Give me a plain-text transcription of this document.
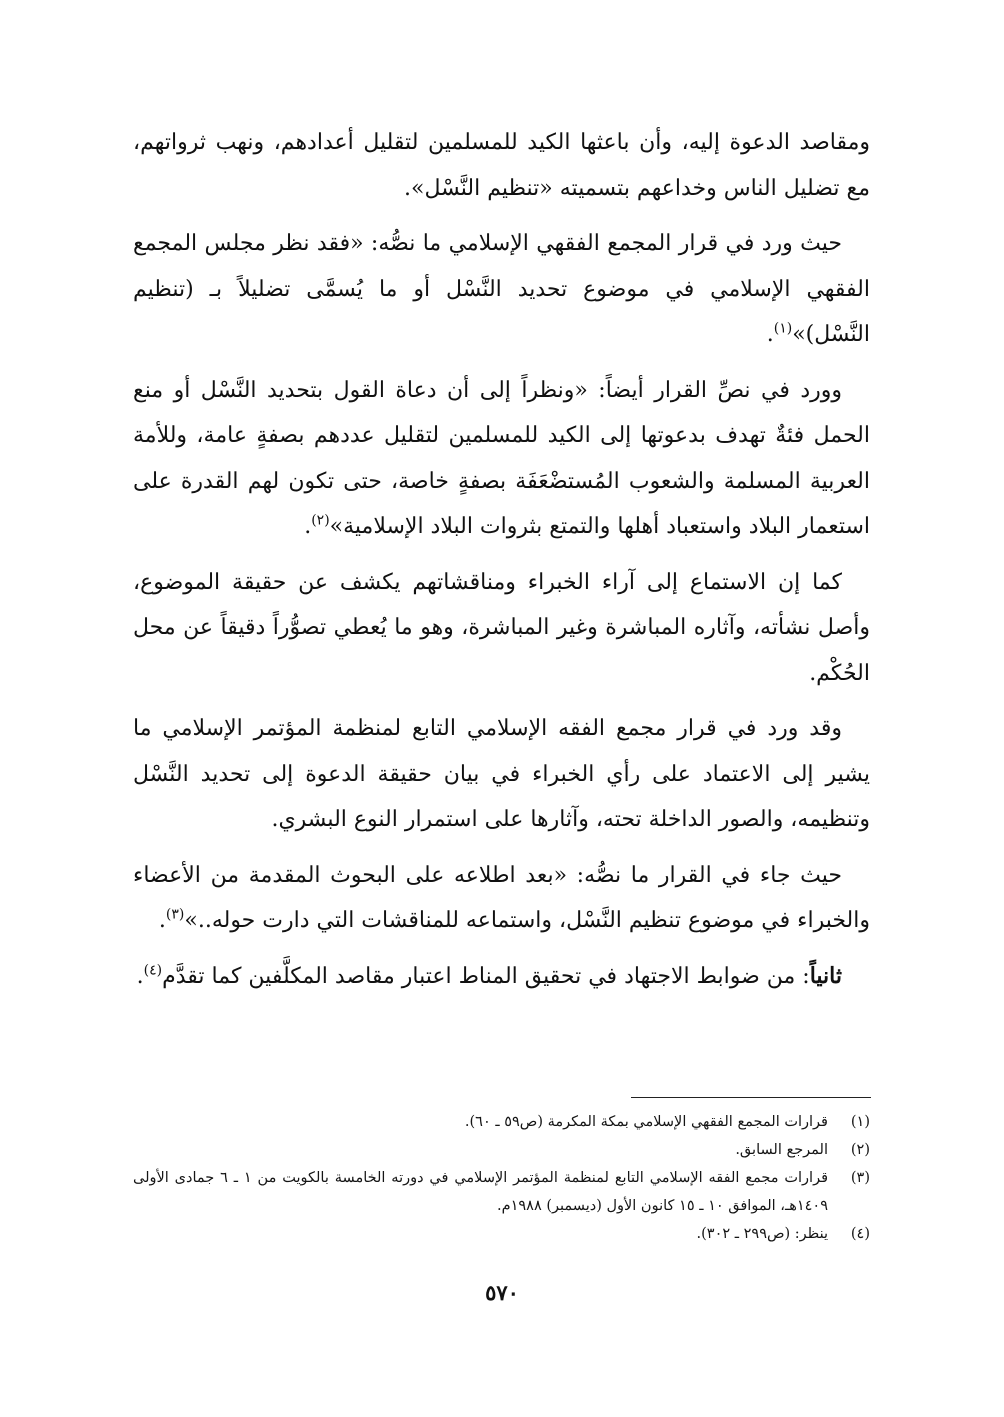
ومقاصد الدعوة إليه، وأن باعثها الكيد للمسلمين لتقليل أعدادهم، ونهب ثرواتهم، مع تضليل الناس وخداعهم بتسميته «تنظيم النَّسْل».

حيث ورد في قرار المجمع الفقهي الإسلامي ما نصُّه: «فقد نظر مجلس المجمع الفقهي الإسلامي في موضوع تحديد النَّسْل أو ما يُسمَّى تضليلاً بـ (تنظيم النَّسْل)»$^{(١)}$.

وورد في نصِّ القرار أيضاً: «ونظراً إلى أن دعاة القول بتحديد النَّسْل أو منع الحمل فئةٌ تهدف بدعوتها إلى الكيد للمسلمين لتقليل عددهم بصفةٍ عامة، وللأمة العربية المسلمة والشعوب المُستضْعَفَة بصفةٍ خاصة، حتى تكون لهم القدرة على استعمار البلاد واستعباد أهلها والتمتع بثروات البلاد الإسلامية»$^{(٢)}$.

كما إن الاستماع إلى آراء الخبراء ومناقشاتهم يكشف عن حقيقة الموضوع، وأصل نشأته، وآثاره المباشرة وغير المباشرة، وهو ما يُعطي تصوُّراً دقيقاً عن محل الحُكْم.

وقد ورد في قرار مجمع الفقه الإسلامي التابع لمنظمة المؤتمر الإسلامي ما يشير إلى الاعتماد على رأي الخبراء في بيان حقيقة الدعوة إلى تحديد النَّسْل وتنظيمه، والصور الداخلة تحته، وآثارها على استمرار النوع البشري.

حيث جاء في القرار ما نصُّه: «بعد اطلاعه على البحوث المقدمة من الأعضاء والخبراء في موضوع تنظيم النَّسْل، واستماعه للمناقشات التي دارت حوله..»$^{(٣)}$.

ثانياً: من ضوابط الاجتهاد في تحقيق المناط اعتبار مقاصد المكلَّفين كما تقدَّم$^{(٤)}$.

(١)
قرارات المجمع الفقهي الإسلامي بمكة المكرمة (ص٥٩ ـ ٦٠).
(٢)
المرجع السابق.
(٣)
قرارات مجمع الفقه الإسلامي التابع لمنظمة المؤتمر الإسلامي في دورته الخامسة بالكويت من ١ ـ ٦ جمادى الأولى ١٤٠٩هـ، الموافق ١٠ ـ ١٥ كانون الأول (ديسمبر) ١٩٨٨م.
(٤)
ينظر: (ص٢٩٩ ـ ٣٠٢).
٥٧٠
